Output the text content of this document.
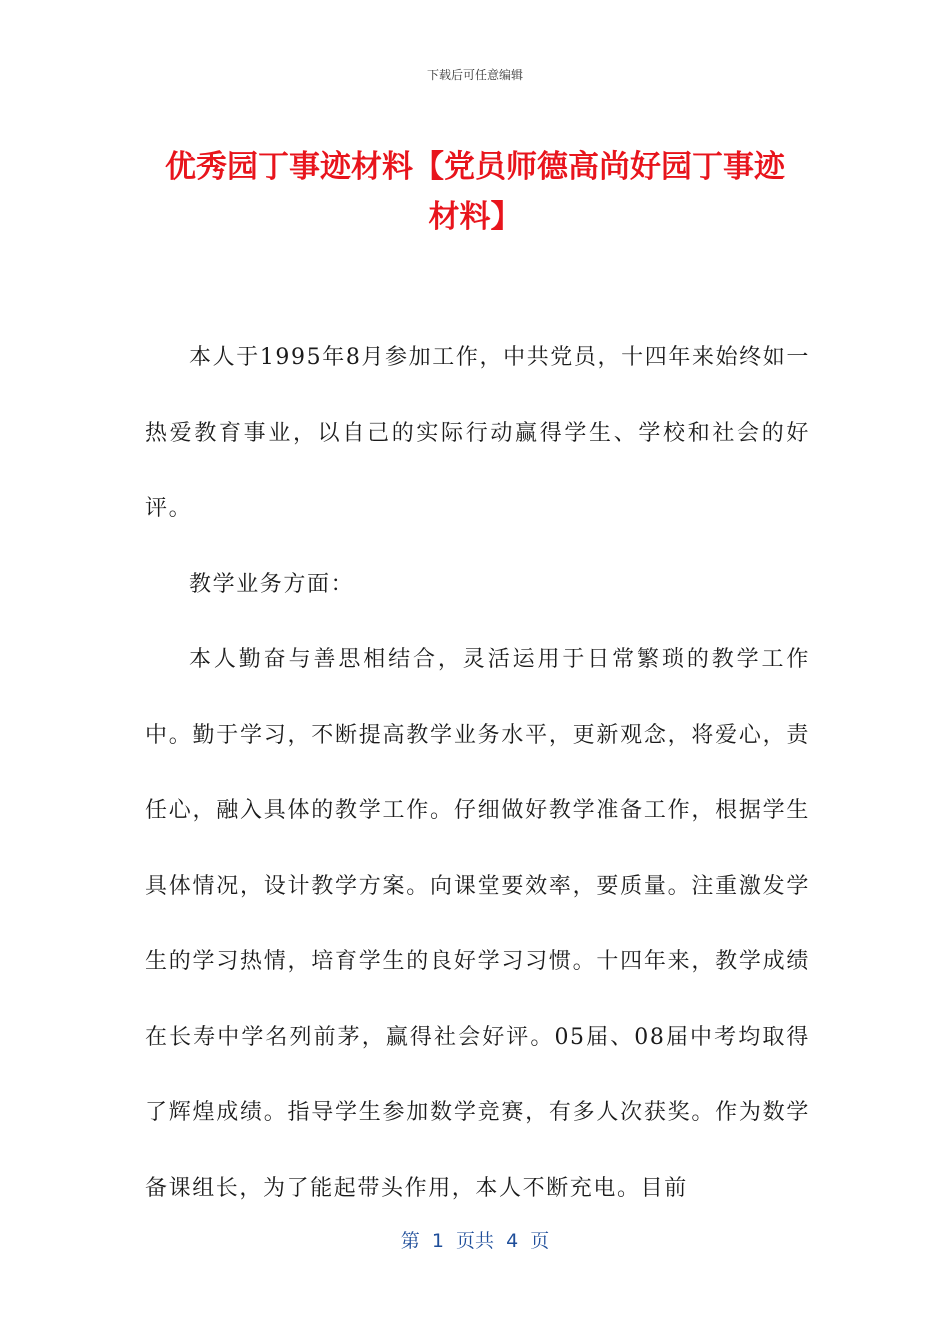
下载后可任意编辑
优秀园丁事迹材料【党员师德高尚好园丁事迹材料】

本人于1995年8月参加工作，中共党员，十四年来始终如一热爱教育事业，以自己的实际行动赢得学生、学校和社会的好评。

教学业务方面：

本人勤奋与善思相结合，灵活运用于日常繁琐的教学工作中。勤于学习，不断提高教学业务水平，更新观念，将爱心，责任心，融入具体的教学工作。仔细做好教学准备工作，根据学生具体情况，设计教学方案。向课堂要效率，要质量。注重激发学生的学习热情，培育学生的良好学习习惯。十四年来，教学成绩在长寿中学名列前茅，赢得社会好评。05届、08届中考均取得了辉煌成绩。指导学生参加数学竞赛，有多人次获奖。作为数学备课组长，为了能起带头作用，本人不断充电。目前

第  1  页共  4  页
